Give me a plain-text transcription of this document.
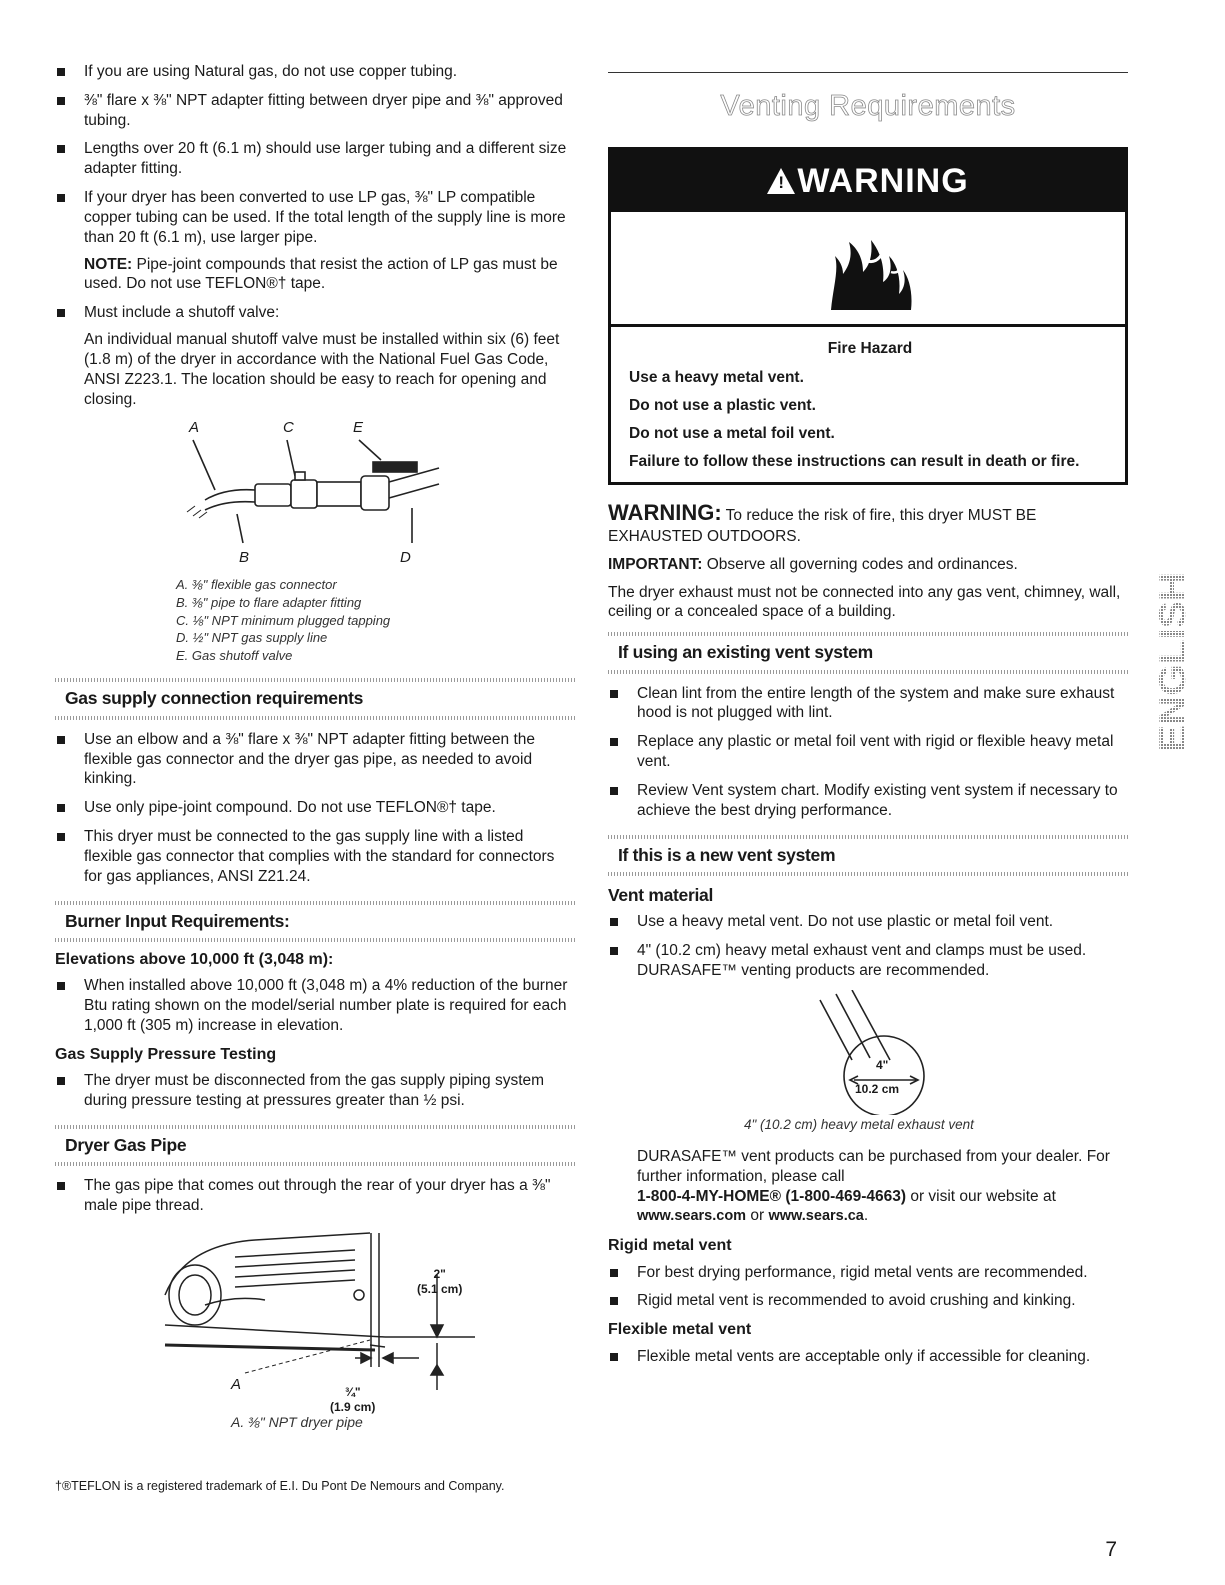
If you are using Natural gas, do not use copper tubing.
⅜" flare x ⅜" NPT adapter fitting between dryer pipe and ⅜" approved tubing.
Lengths over 20 ft (6.1 m) should use larger tubing and a different size adapter fitting.
If your dryer has been converted to use LP gas, ⅜" LP compatible copper tubing can be used. If the total length of the supply line is more than 20 ft (6.1 m), use larger pipe.

NOTE: Pipe-joint compounds that resist the action of LP gas must be used. Do not use TEFLON®† tape.

Must include a shutoff valve:

An individual manual shutoff valve must be installed within six (6) feet (1.8 m) of the dryer in accordance with the National Fuel Gas Code, ANSI Z223.1. The location should be easy to reach for opening and closing.

A	C	E
B	D
A. ⅜" flexible gas connector
B. ⅜" pipe to flare adapter fitting
C. ⅛" NPT minimum plugged tapping
D. ½" NPT gas supply line
E. Gas shutoff valve
Gas supply connection requirements
Use an elbow and a ⅜" flare x ⅜" NPT adapter fitting between the flexible gas connector and the dryer gas pipe, as needed to avoid kinking.
Use only pipe-joint compound. Do not use TEFLON®† tape.
This dryer must be connected to the gas supply line with a listed flexible gas connector that complies with the standard for connectors for gas appliances, ANSI Z21.24.
Burner Input Requirements:
Elevations above 10,000 ft (3,048 m):
When installed above 10,000 ft (3,048 m) a 4% reduction of the burner Btu rating shown on the model/serial number plate is required for each 1,000 ft (305 m) increase in elevation.
Gas Supply Pressure Testing
The dryer must be disconnected from the gas supply piping system during pressure testing at pressures greater than ½ psi.
Dryer Gas Pipe
The gas pipe that comes out through the rear of your dryer has a ⅜" male pipe thread.
2"
(5.1 cm)
¾"
(1.9 cm)
A
A. ⅜" NPT dryer pipe
Venting Requirements
! WARNING

Fire Hazard

Use a heavy metal vent.

Do not use a plastic vent.

Do not use a metal foil vent.

Failure to follow these instructions can result in death or fire.

WARNING: To reduce the risk of fire, this dryer MUST BE EXHAUSTED OUTDOORS.

IMPORTANT: Observe all governing codes and ordinances.

The dryer exhaust must not be connected into any gas vent, chimney, wall, ceiling or a concealed space of a building.

If using an existing vent system
Clean lint from the entire length of the system and make sure exhaust hood is not plugged with lint.
Replace any plastic or metal foil vent with rigid or flexible heavy metal vent.
Review Vent system chart. Modify existing vent system if necessary to achieve the best drying performance.
If this is a new vent system
Vent material
Use a heavy metal vent. Do not use plastic or metal foil vent.
4" (10.2 cm) heavy metal exhaust vent and clamps must be used. DURASAFE™ venting products are recommended.
4"
10.2 cm
4" (10.2 cm) heavy metal exhaust vent
DURASAFE™ vent products can be purchased from your dealer. For further information, please call
1-800-4-MY-HOME® (1-800-469-4663) or visit our website at
www.sears.com or www.sears.ca.
Rigid metal vent
For best drying performance, rigid metal vents are recommended.
Rigid metal vent is recommended to avoid crushing and kinking.
Flexible metal vent
Flexible metal vents are acceptable only if accessible for cleaning.
ENGLISH
†®TEFLON is a registered trademark of E.I. Du Pont De Nemours and Company.
7
